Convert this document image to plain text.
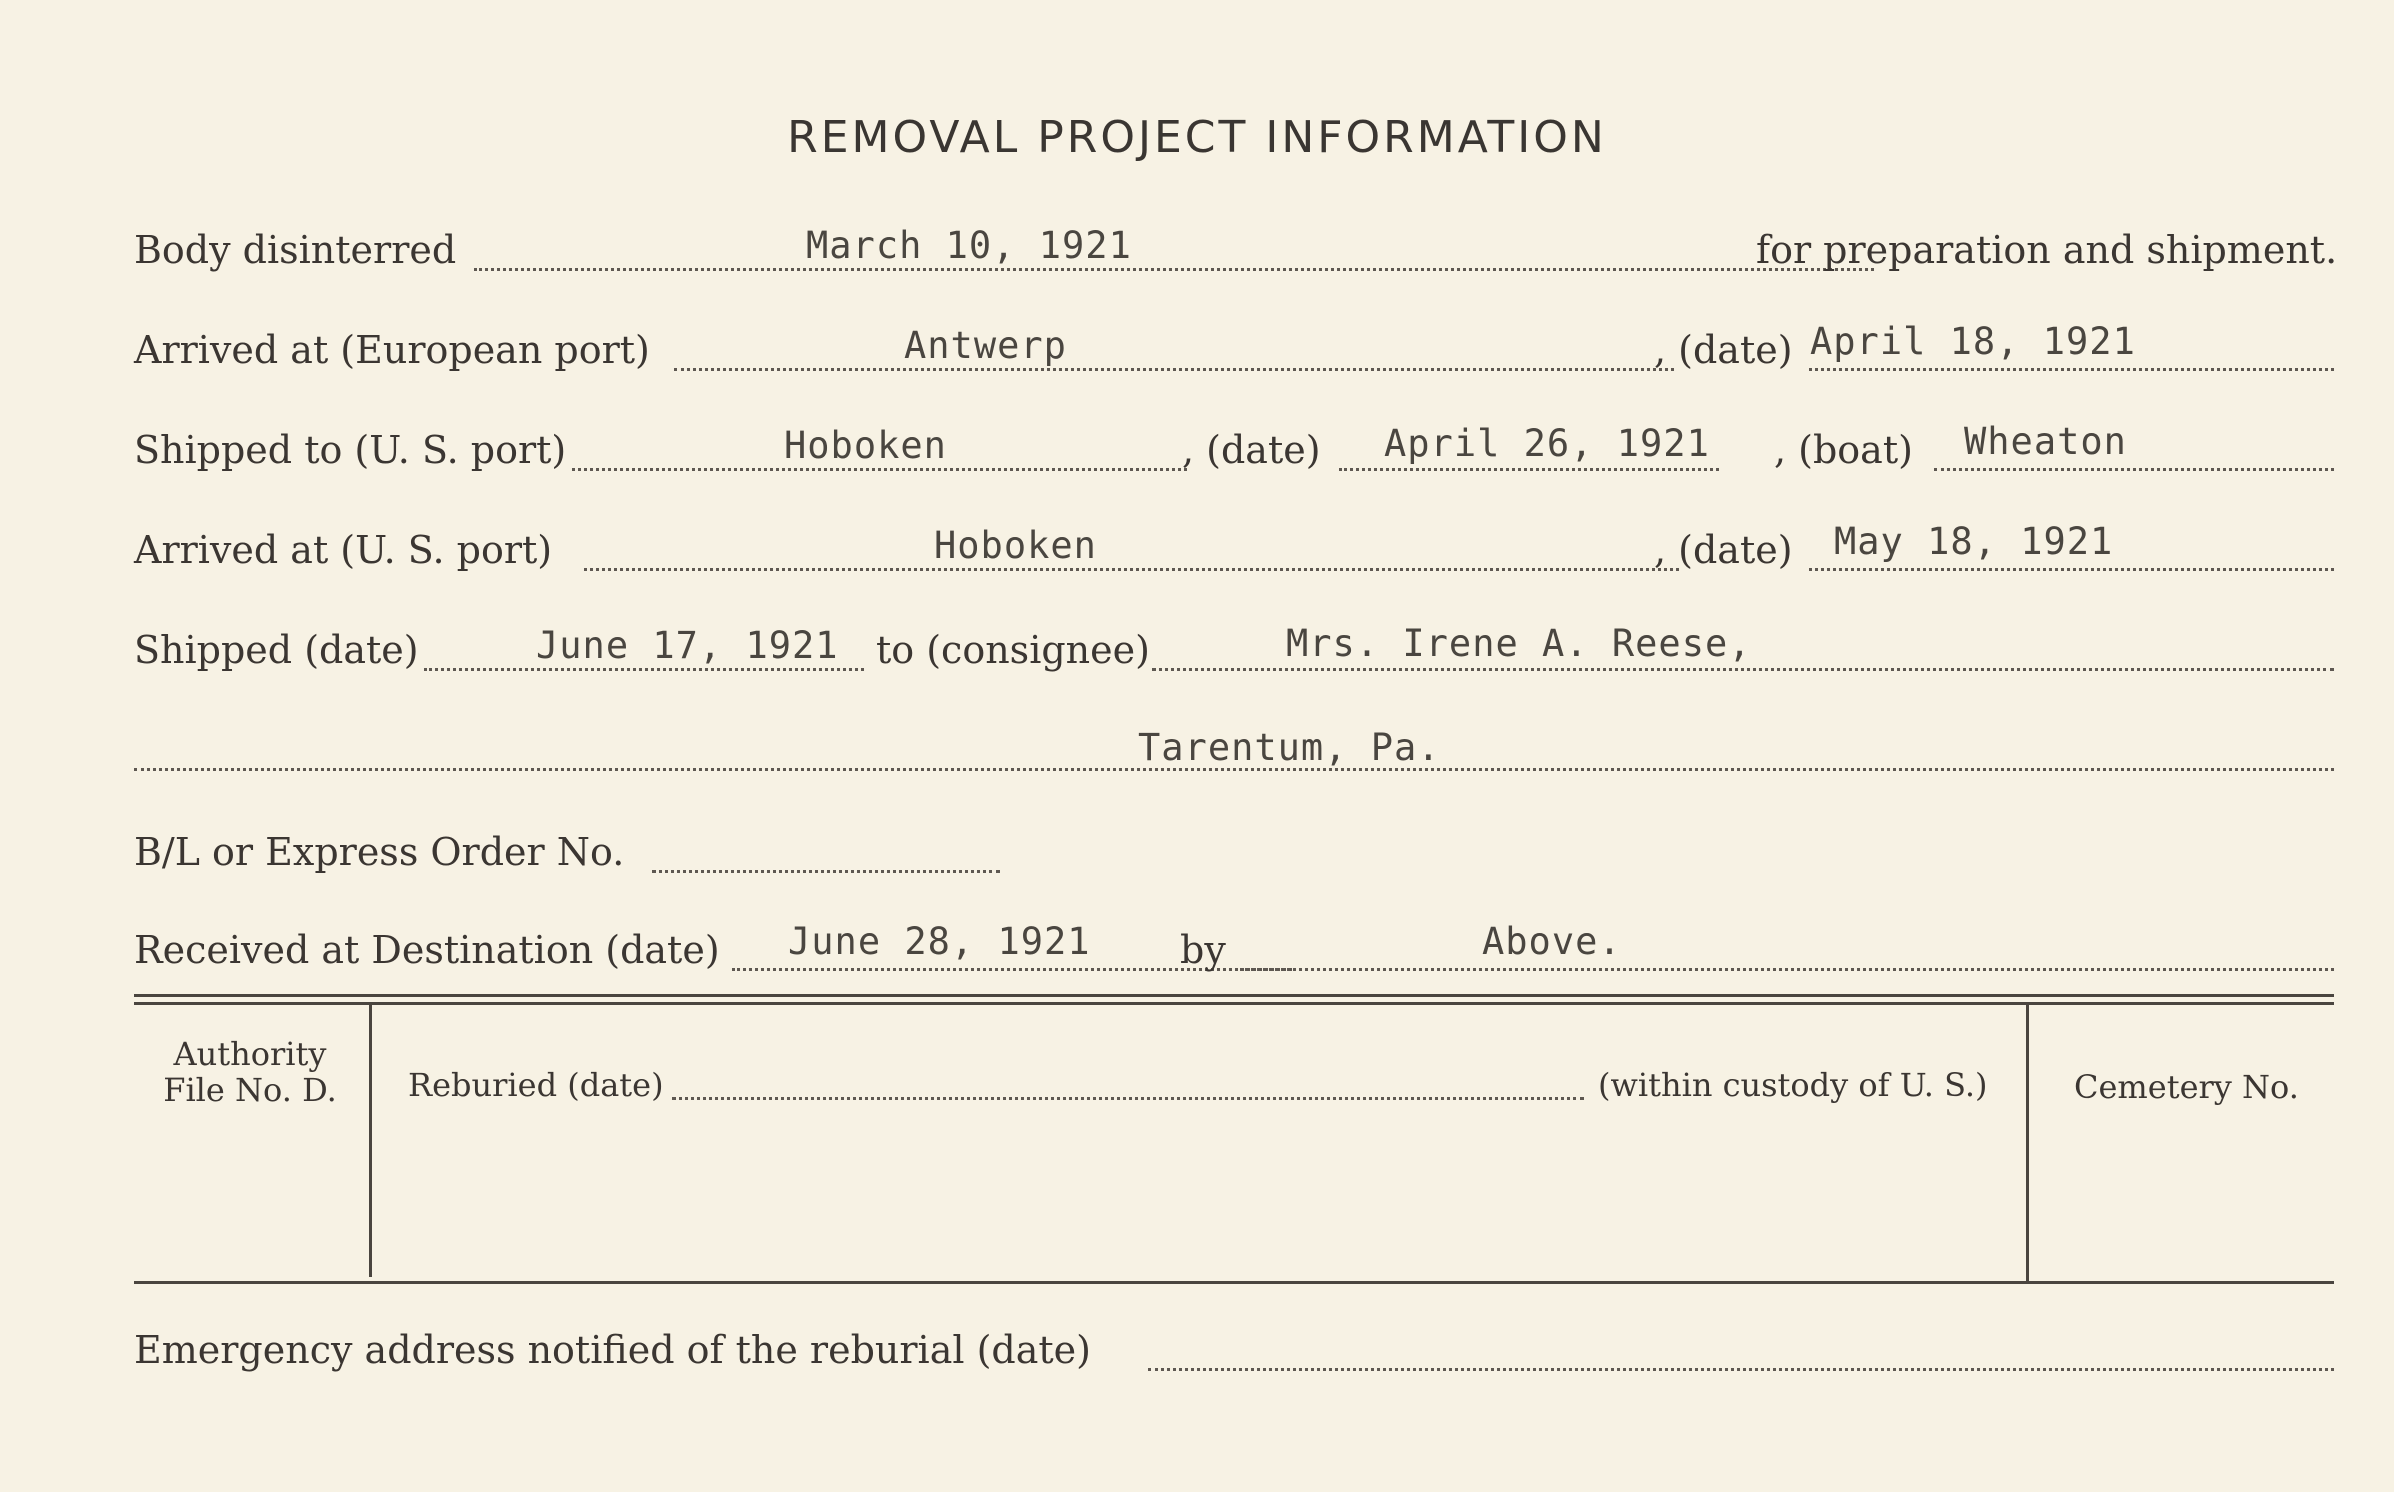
REMOVAL PROJECT INFORMATION
Body disinterred	March 10, 1921	for preparation and shipment.
Arrived at (European port)	Antwerp	, (date) April 18, 1921
Shipped to (U. S. port)	Hoboken	, (date) April 26, 1921 , (boat) Wheaton
Arrived at (U. S. port)	Hoboken	, (date) May 18, 1921
Shipped (date)	June 17, 1921 to (consignee)	Mrs. Irene A. Reese,
Tarentum, Pa.
B/L or Express Order No.
Received at Destination (date) June 28, 1921 by	Above.
Authority
File No. D.	Reburied (date)	(within custody of U. S.)	Cemetery No.
Emergency address notified of the reburial (date)
